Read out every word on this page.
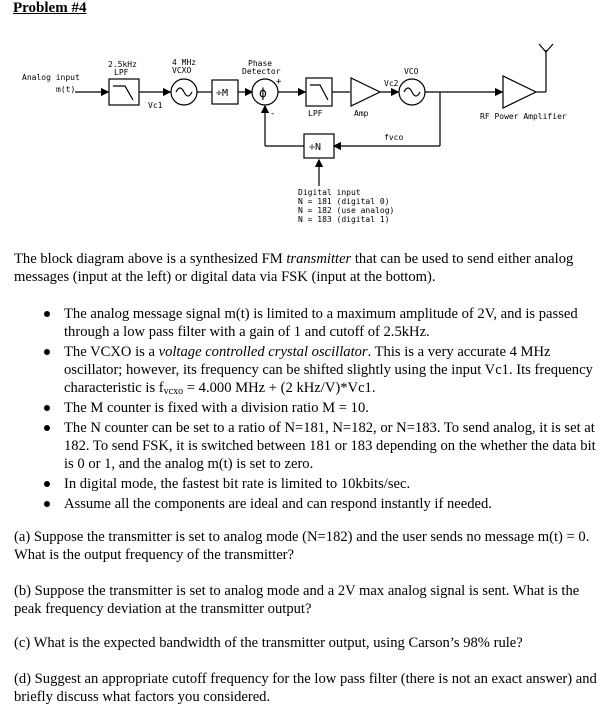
Problem #4
Analog input
m(t)
2.5kHz
LPF
4 MHz
VCXO
Vc1
÷M
Phase
Detector
ϕ
+
-	LPF	Amp
Vc2
VCO
fvco
÷N
RF Power Amplifier
Digital input
N = 181 (digital 0)
N = 182 (use analog)
N = 183 (digital 1)
The block diagram above is a synthesized FM transmitter that can be used to send either analog messages (input at the left) or digital data via FSK (input at the bottom).
The analog message signal m(t) is limited to a maximum amplitude of 2V, and is passed through a low pass filter with a gain of 1 and cutoff of 2.5kHz.
The VCXO is a voltage controlled crystal oscillator. This is a very accurate 4 MHz oscillator; however, its frequency can be shifted slightly using the input Vc1. Its frequency characteristic is $f_{vcxo} = 4.000$ MHz + (2 kHz/V)*Vc1.
The M counter is fixed with a division ratio M = 10.
The N counter can be set to a ratio of N=181, N=182, or N=183. To send analog, it is set at 182. To send FSK, it is switched between 181 or 183 depending on the whether the data bit is 0 or 1, and the analog m(t) is set to zero.
In digital mode, the fastest bit rate is limited to 10kbits/sec.
Assume all the components are ideal and can respond instantly if needed.
(a) Suppose the transmitter is set to analog mode (N=182) and the user sends no message m(t) = 0. What is the output frequency of the transmitter?
(b) Suppose the transmitter is set to analog mode and a 2V max analog signal is sent. What is the peak frequency deviation at the transmitter output?
(c) What is the expected bandwidth of the transmitter output, using Carson’s 98% rule?
(d) Suggest an appropriate cutoff frequency for the low pass filter (there is not an exact answer) and briefly discuss what factors you considered.
